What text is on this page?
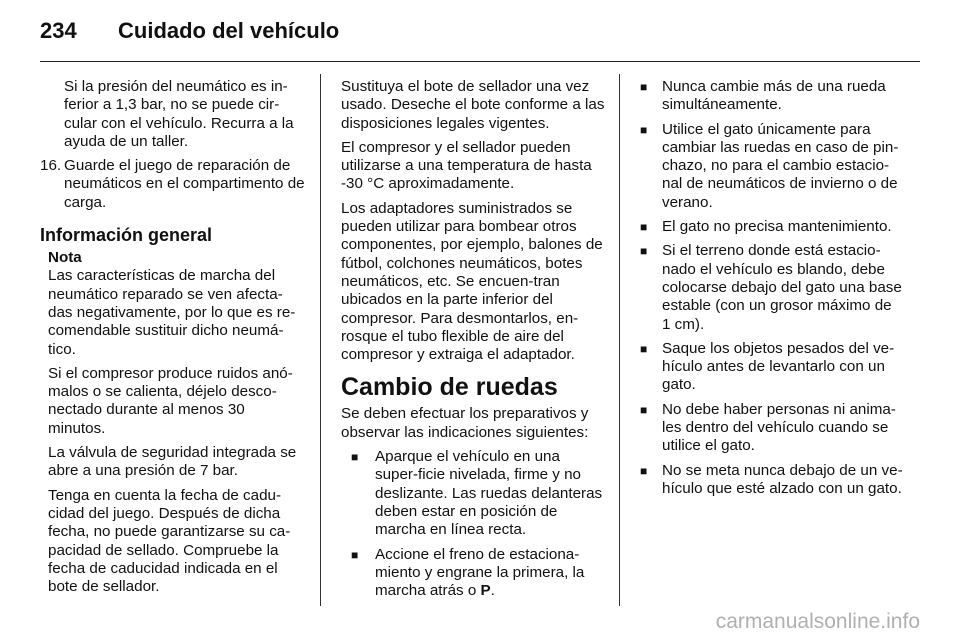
234 Cuidado del vehículo

Si la presión del neumático es in-ferior a 1,3 bar, no se puede cir-cular con el vehículo. Recurra a la ayuda de un taller.

16. Guarde el juego de reparación de neumáticos en el compartimento de carga.
Información general

Nota

Las características de marcha del neumático reparado se ven afecta-das negativamente, por lo que es re-comendable sustituir dicho neumá-tico.

Si el compresor produce ruidos anó-malos o se calienta, déjelo desco-nectado durante al menos 30 minutos.

La válvula de seguridad integrada se abre a una presión de 7 bar.

Tenga en cuenta la fecha de cadu-cidad del juego. Después de dicha fecha, no puede garantizarse su ca-pacidad de sellado. Compruebe la fecha de caducidad indicada en el bote de sellador.

Sustituya el bote de sellador una vez usado. Deseche el bote conforme a las disposiciones legales vigentes.

El compresor y el sellador pueden utilizarse a una temperatura de hasta -30 °C aproximadamente.

Los adaptadores suministrados se pueden utilizar para bombear otros componentes, por ejemplo, balones de fútbol, colchones neumáticos, botes neumáticos, etc. Se encuen-tran ubicados en la parte inferior del compresor. Para desmontarlos, en-rosque el tubo flexible de aire del compresor y extraiga el adaptador.

Cambio de ruedas

Se deben efectuar los preparativos y observar las indicaciones siguientes:

■ Aparque el vehículo en una super-ficie nivelada, firme y no deslizante. Las ruedas delanteras deben estar en posición de marcha en línea recta.
■ Accione el freno de estaciona-miento y engrane la primera, la marcha atrás o P.
■ Nunca cambie más de una rueda simultáneamente.
■ Utilice el gato únicamente para cambiar las ruedas en caso de pin-chazo, no para el cambio estacio-nal de neumáticos de invierno o de verano.
■ El gato no precisa mantenimiento.
■ Si el terreno donde está estacio-nado el vehículo es blando, debe colocarse debajo del gato una base estable (con un grosor máximo de 1 cm).
■ Saque los objetos pesados del ve-hículo antes de levantarlo con un gato.
■ No debe haber personas ni anima-les dentro del vehículo cuando se utilice el gato.
■ No se meta nunca debajo de un ve-hículo que esté alzado con un gato.
carmanualsonline.info
